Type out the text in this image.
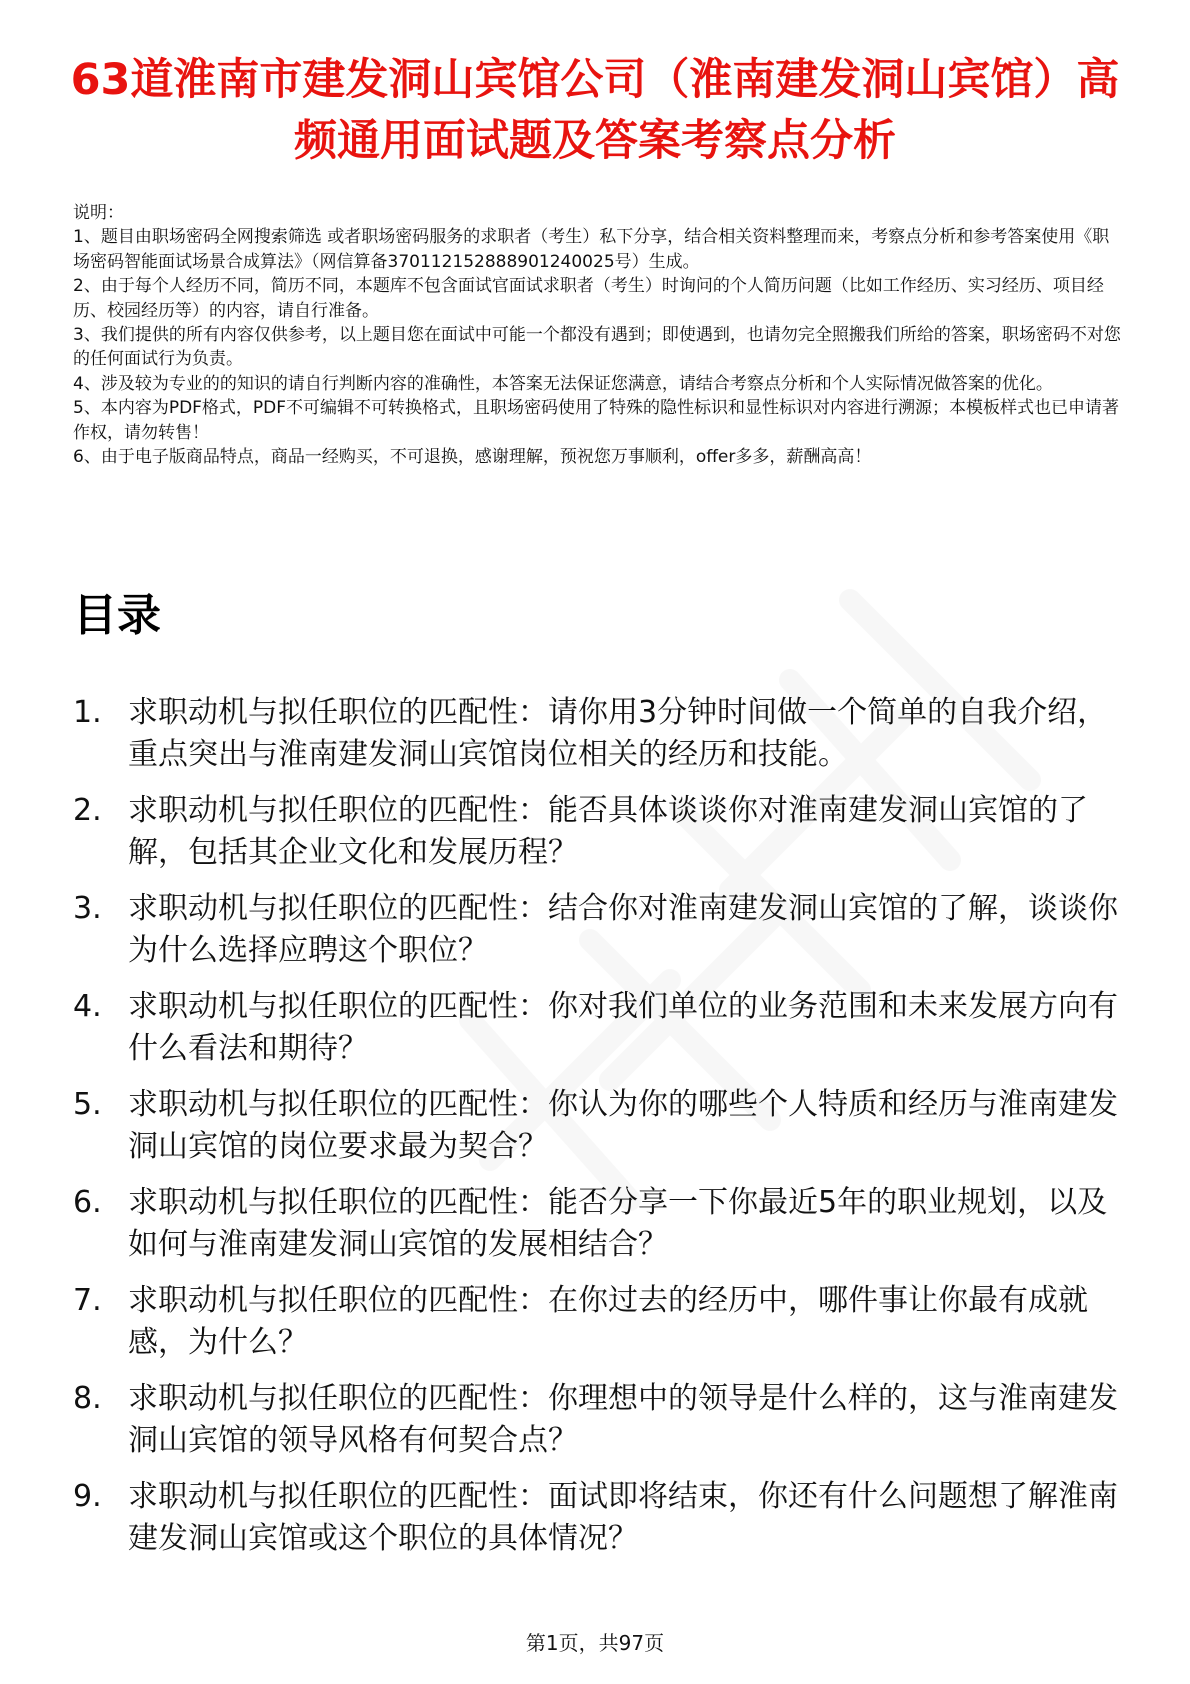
63道淮南市建发洞山宾馆公司（淮南建发洞山宾馆）高频通用面试题及答案考察点分析

说明：

1、题目由职场密码全网搜索筛选 或者职场密码服务的求职者（考生）私下分享，结合相关资料整理而来，考察点分析和参考答案使用《职场密码智能面试场景合成算法》（网信算备370112152888901240025号）生成。

2、由于每个人经历不同，简历不同，本题库不包含面试官面试求职者（考生）时询问的个人简历问题（比如工作经历、实习经历、项目经历、校园经历等）的内容，请自行准备。

3、我们提供的所有内容仅供参考，以上题目您在面试中可能一个都没有遇到；即使遇到，也请勿完全照搬我们所给的答案，职场密码不对您的任何面试行为负责。

4、涉及较为专业的的知识的请自行判断内容的准确性，本答案无法保证您满意，请结合考察点分析和个人实际情况做答案的优化。

5、本内容为PDF格式，PDF不可编辑不可转换格式，且职场密码使用了特殊的隐性标识和显性标识对内容进行溯源；本模板样式也已申请著作权，请勿转售！

6、由于电子版商品特点，商品一经购买，不可退换，感谢理解，预祝您万事顺利，offer多多，薪酬高高！

目录
1. 求职动机与拟任职位的匹配性：请你用3分钟时间做一个简单的自我介绍，重点突出与淮南建发洞山宾馆岗位相关的经历和技能。
2. 求职动机与拟任职位的匹配性：能否具体谈谈你对淮南建发洞山宾馆的了解，包括其企业文化和发展历程？
3. 求职动机与拟任职位的匹配性：结合你对淮南建发洞山宾馆的了解，谈谈你为什么选择应聘这个职位？
4. 求职动机与拟任职位的匹配性：你对我们单位的业务范围和未来发展方向有什么看法和期待？
5. 求职动机与拟任职位的匹配性：你认为你的哪些个人特质和经历与淮南建发洞山宾馆的岗位要求最为契合？
6. 求职动机与拟任职位的匹配性：能否分享一下你最近5年的职业规划，以及如何与淮南建发洞山宾馆的发展相结合？
7. 求职动机与拟任职位的匹配性：在你过去的经历中，哪件事让你最有成就感，为什么？
8. 求职动机与拟任职位的匹配性：你理想中的领导是什么样的，这与淮南建发洞山宾馆的领导风格有何契合点？
9. 求职动机与拟任职位的匹配性：面试即将结束，你还有什么问题想了解淮南建发洞山宾馆或这个职位的具体情况？
第1页，共97页
